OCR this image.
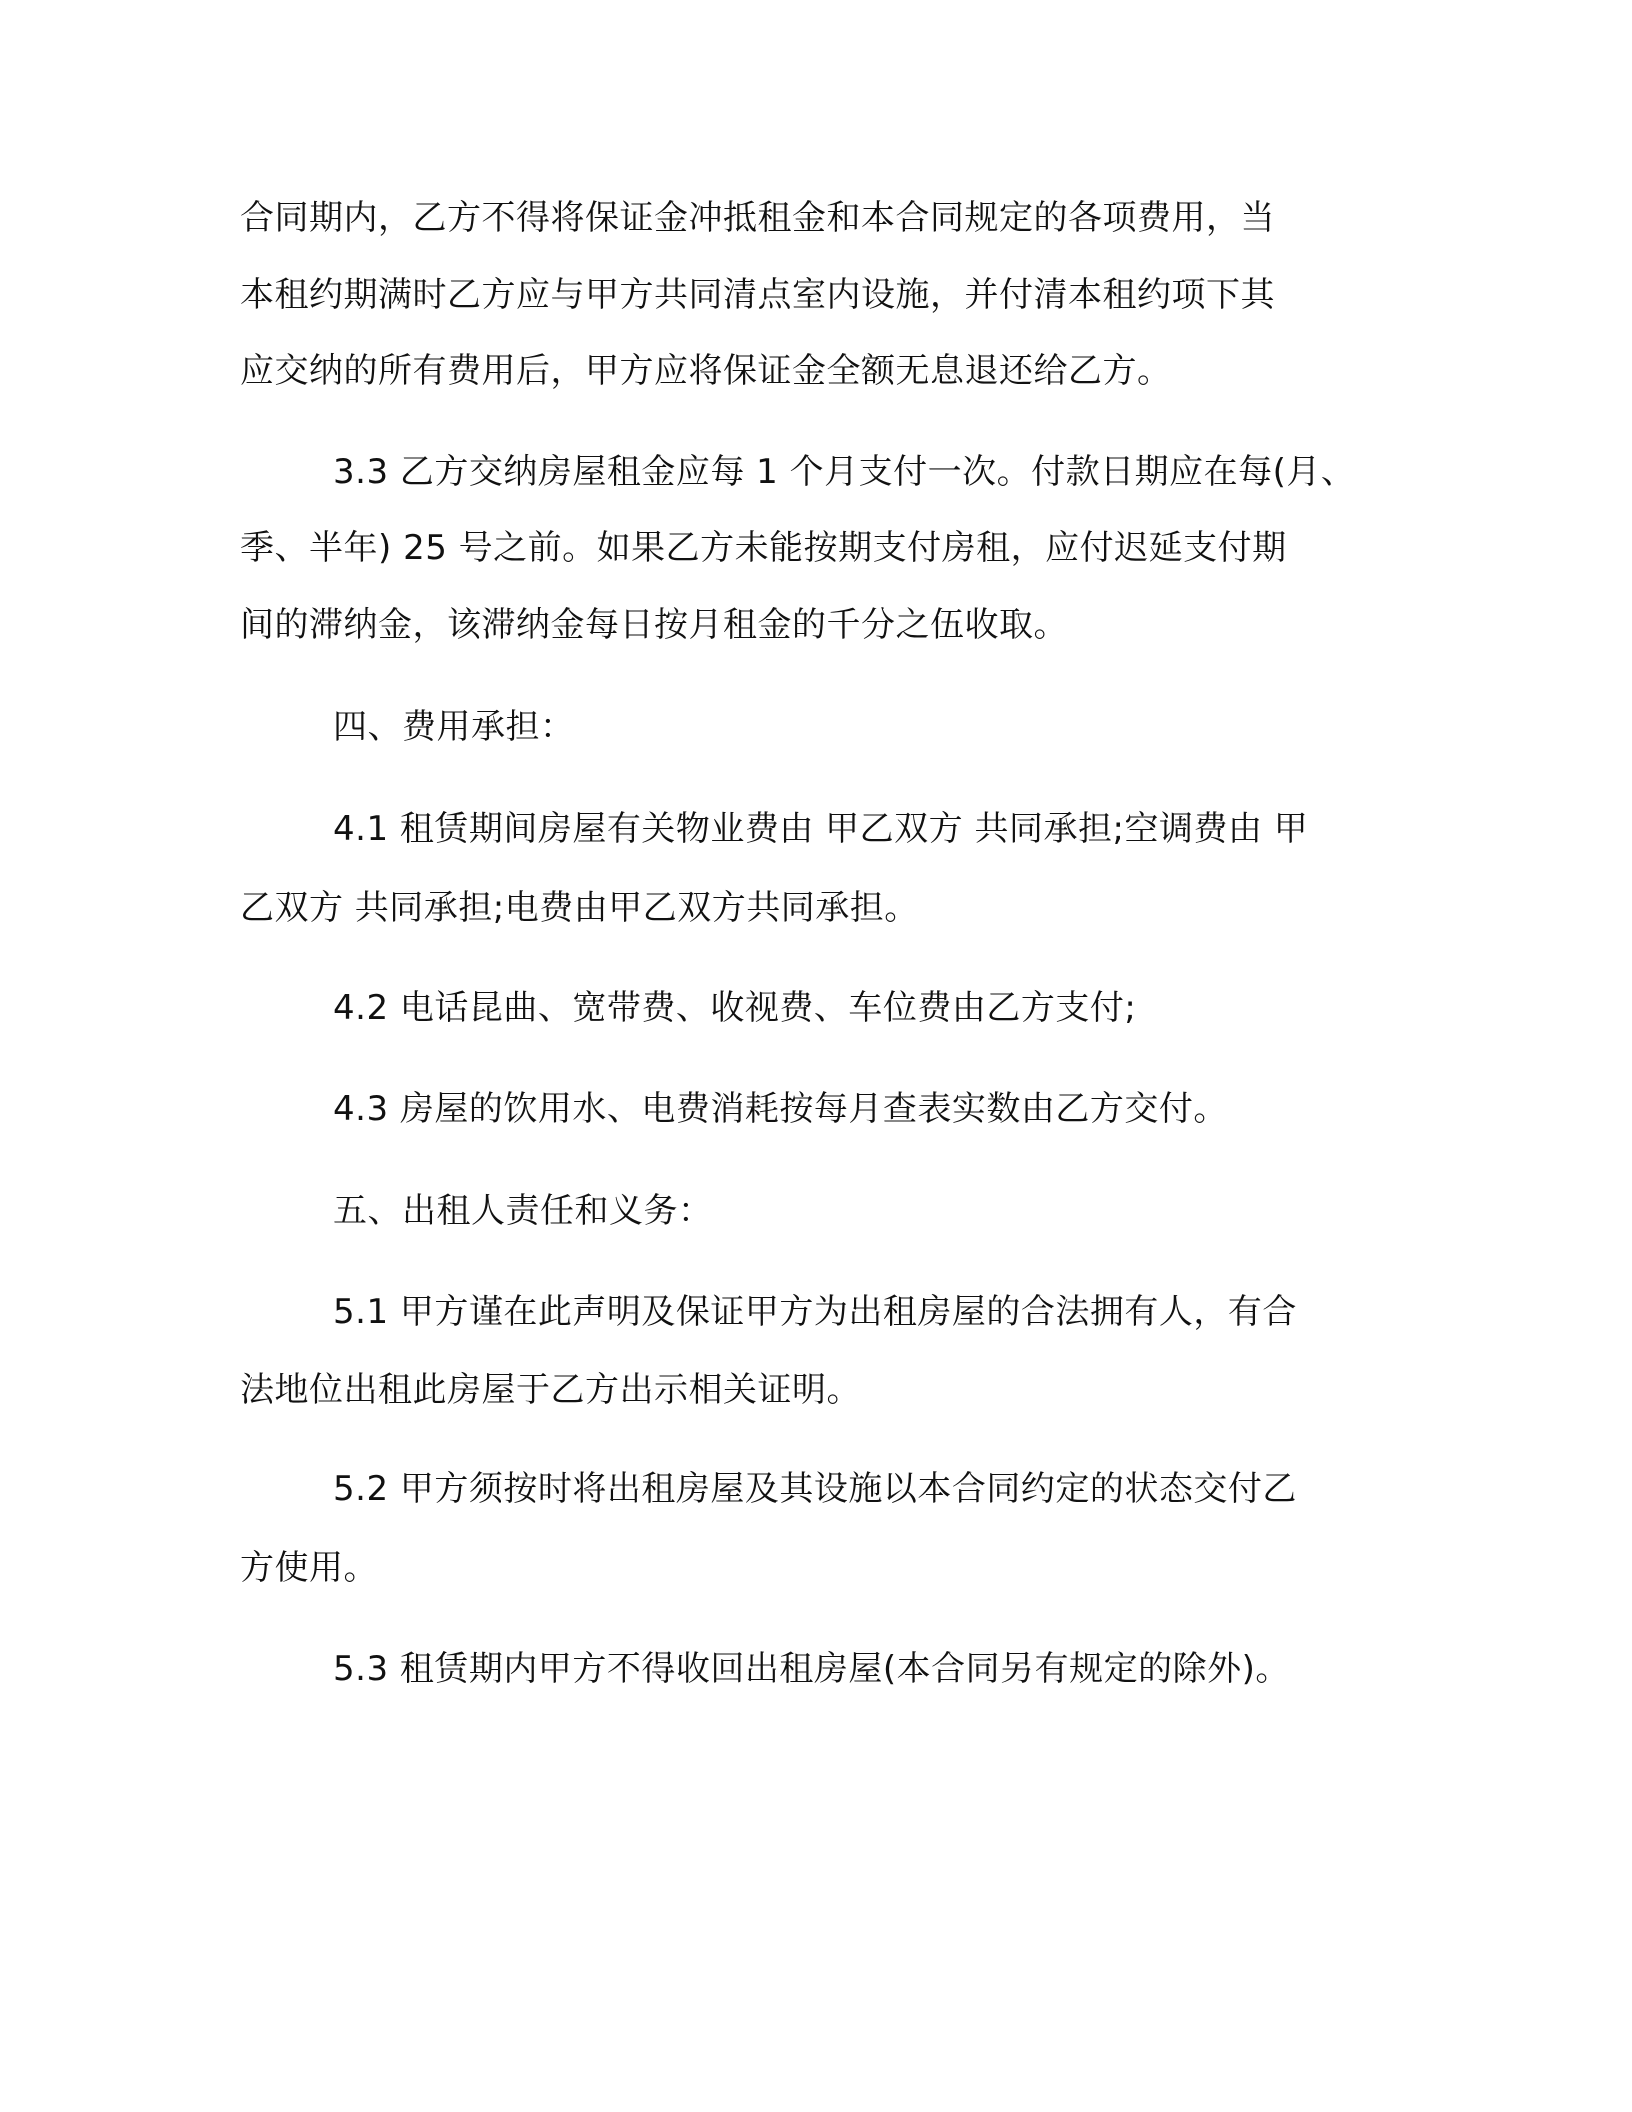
合同期内，乙方不得将保证金冲抵租金和本合同规定的各项费用，当
本租约期满时乙方应与甲方共同清点室内设施，并付清本租约项下其
应交纳的所有费用后，甲方应将保证金全额无息退还给乙方。
3.3 乙方交纳房屋租金应每 1 个月支付一次。付款日期应在每(月、
季、半年) 25 号之前。如果乙方未能按期支付房租，应付迟延支付期
间的滞纳金，该滞纳金每日按月租金的千分之伍收取。
四、费用承担：
4.1 租赁期间房屋有关物业费由 甲乙双方 共同承担;空调费由 甲
乙双方 共同承担;电费由甲乙双方共同承担。
4.2 电话昆曲、宽带费、收视费、车位费由乙方支付;
4.3 房屋的饮用水、电费消耗按每月查表实数由乙方交付。
五、出租人责任和义务：
5.1 甲方谨在此声明及保证甲方为出租房屋的合法拥有人，有合
法地位出租此房屋于乙方出示相关证明。
5.2 甲方须按时将出租房屋及其设施以本合同约定的状态交付乙
方使用。
5.3 租赁期内甲方不得收回出租房屋(本合同另有规定的除外)。
